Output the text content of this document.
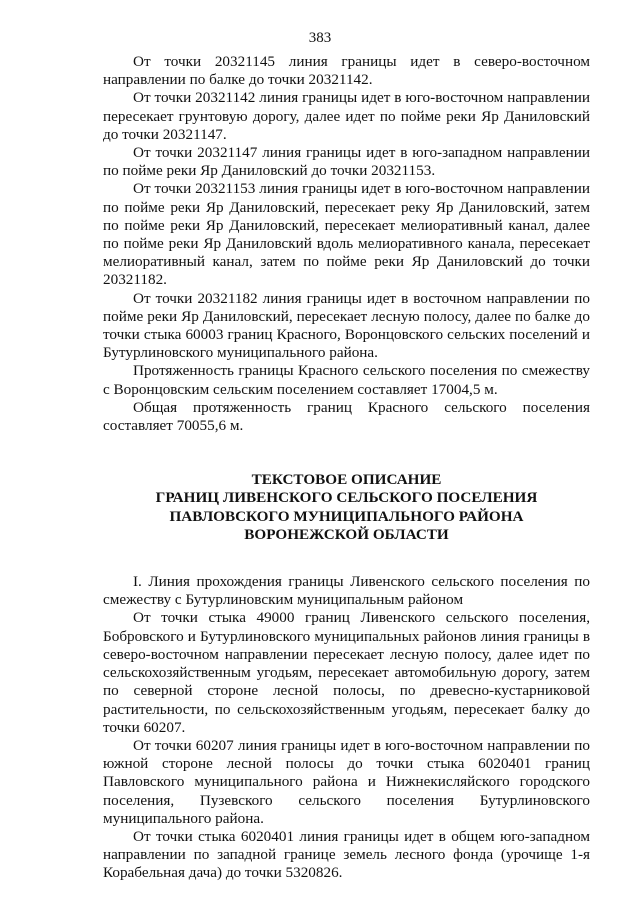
383

От точки 20321145 линия границы идет в северо-восточном направлении по балке до точки 20321142.

От точки 20321142 линия границы идет в юго-восточном направлении пересекает грунтовую дорогу, далее идет по пойме реки Яр Даниловский до точки 20321147.

От точки 20321147 линия границы идет в юго-западном направлении по пойме реки Яр Даниловский до точки 20321153.

От точки 20321153 линия границы идет в юго-восточном направлении по пойме реки Яр Даниловский, пересекает реку Яр Даниловский, затем по пойме реки Яр Даниловский, пересекает мелиоративный канал, далее по пойме реки Яр Даниловский вдоль мелиоративного канала, пересекает мелиоративный канал, затем по пойме реки Яр Даниловский до точки 20321182.

От точки 20321182 линия границы идет в восточном направлении по пойме реки Яр Даниловский, пересекает лесную полосу, далее по балке до точки стыка 60003 границ Красного, Воронцовского сельских поселений и Бутурлиновского муниципального района.

Протяженность границы Красного сельского поселения по смежеству с Воронцовским сельским поселением составляет 17004,5 м.

Общая протяженность границ Красного сельского поселения составляет 70055,6 м.

ТЕКСТОВОЕ ОПИСАНИЕ
ГРАНИЦ ЛИВЕНСКОГО СЕЛЬСКОГО ПОСЕЛЕНИЯ
ПАВЛОВСКОГО МУНИЦИПАЛЬНОГО РАЙОНА
ВОРОНЕЖСКОЙ ОБЛАСТИ

I. Линия прохождения границы Ливенского сельского поселения по смежеству с Бутурлиновским муниципальным районом

От точки стыка 49000 границ Ливенского сельского поселения, Бобровского и Бутурлиновского муниципальных районов линия границы в северо-восточном направлении пересекает лесную полосу, далее идет по сельскохозяйственным угодьям, пересекает автомобильную дорогу, затем по северной стороне лесной полосы, по древесно-кустарниковой растительности, по сельскохозяйственным угодьям, пересекает балку до точки 60207.

От точки 60207 линия границы идет в юго-восточном направлении по южной стороне лесной полосы до точки стыка 6020401 границ Павловского муниципального района и Нижнекисляйского городского поселения, Пузевского сельского поселения Бутурлиновского муниципального района.

От точки стыка 6020401 линия границы идет в общем юго-западном направлении по западной границе земель лесного фонда (урочище 1-я Корабельная дача) до точки 5320826.
